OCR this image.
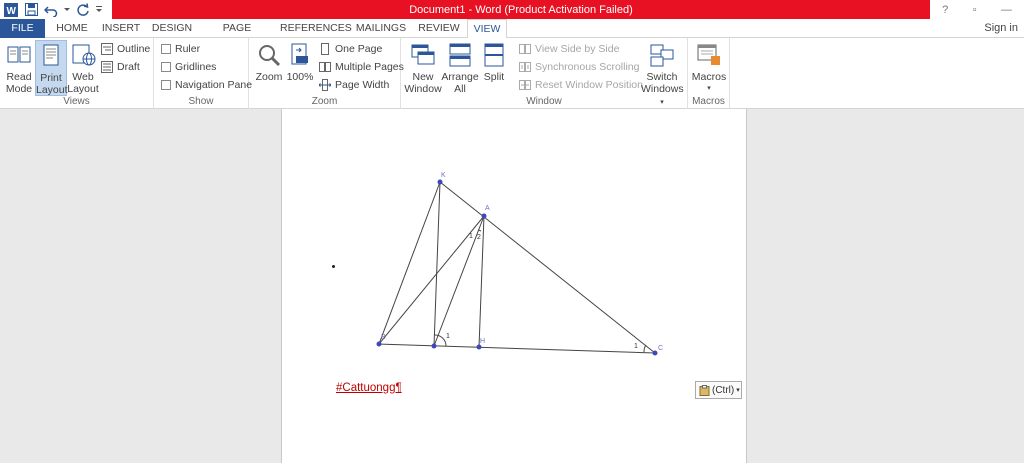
W	Document1 - Word (Product Activation Failed)	? ▫ —
FILE	HOME	INSERT DESIGN	PAGE	REFERENCES MAILINGS REVIEW	VIEW	Sign in
Read
Mode
Print
Layout
Web
Layout
Outline
Draft
Views
Ruler
Gridlines
Navigation Pane
Show
Zoom 100%
One Page
Multiple Pages
Page Width
Zoom
New
Window
Arrange
All
Split
View Side by Side
Synchronous Scrolling
Reset Window Position
Switch
Windows ▾
Window
Macros
▾
Macros
K
A
B
H
C
1
1
1 2
#Cattuongg¶	(Ctrl) ▾
